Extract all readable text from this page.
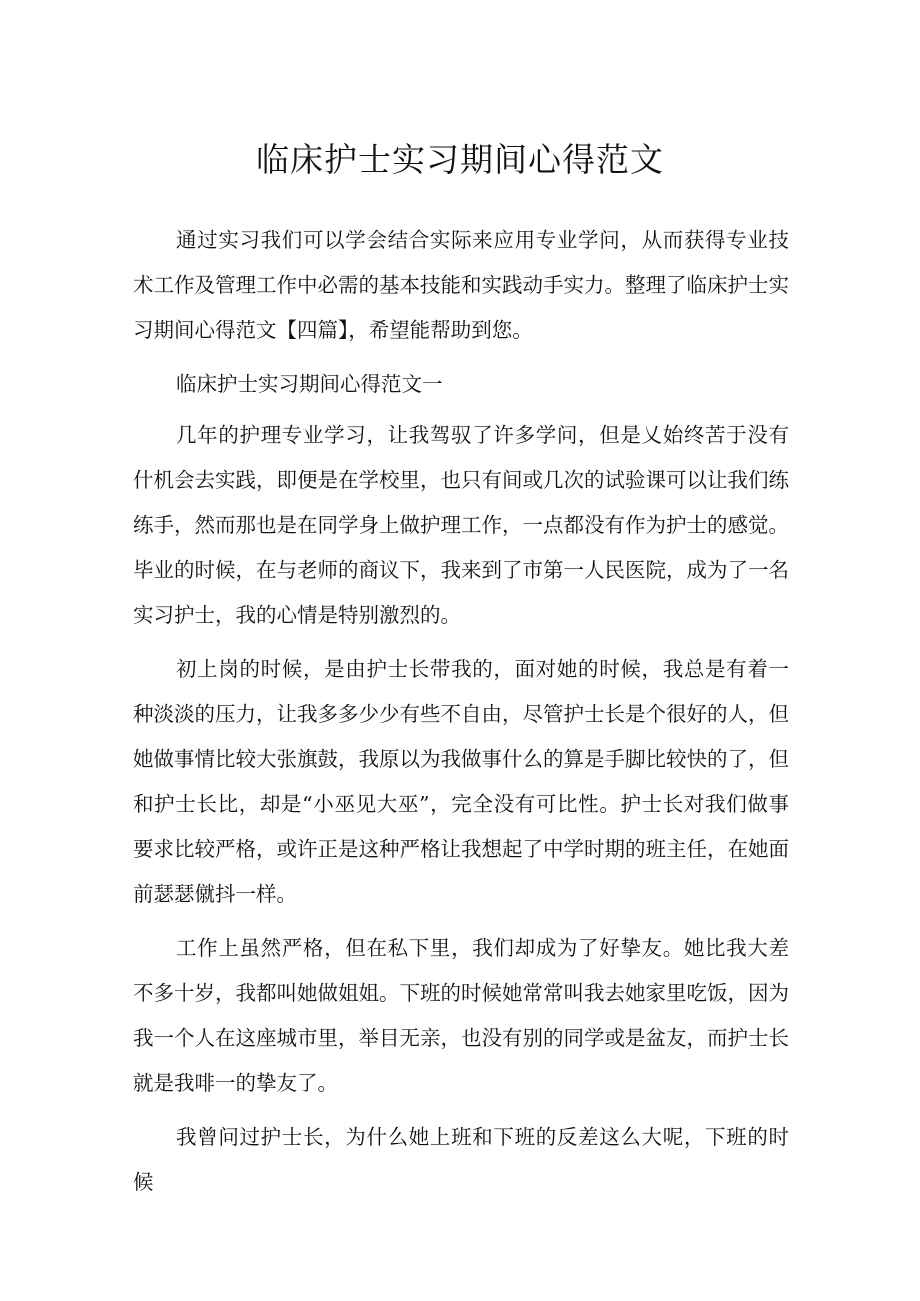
临床护士实习期间心得范文

通过实习我们可以学会结合实际来应用专业学问，从而获得专业技术工作及管理工作中必需的基本技能和实践动手实力。整理了临床护士实习期间心得范文【四篇】，希望能帮助到您。

临床护士实习期间心得范文一

几年的护理专业学习，让我驾驭了许多学问，但是乂始终苦于没有什机会去实践，即便是在学校里，也只有间或几次的试验课可以让我们练练手，然而那也是在同学身上做护理工作，一点都没有作为护士的感觉。毕业的时候，在与老师的商议下，我来到了市第一人民医院，成为了一名实习护士，我的心情是特别激烈的。

初上岗的时候，是由护士长带我的，面对她的时候，我总是有着一种淡淡的压力，让我多多少少有些不自由，尽管护士长是个很好的人，但她做事情比较大张旗鼓，我原以为我做事什么的算是手脚比较快的了，但和护士长比，却是“小巫见大巫”，完全没有可比性。护士长对我们做事要求比较严格，或许正是这种严格让我想起了中学时期的班主任，在她面前瑟瑟僦抖一样。

工作上虽然严格，但在私下里，我们却成为了好挚友。她比我大差不多十岁，我都叫她做姐姐。下班的时候她常常叫我去她家里吃饭，因为我一个人在这座城市里，举目无亲，也没有别的同学或是盆友，而护士长就是我啡一的挚友了。

我曾问过护士长，为什么她上班和下班的反差这么大呢，下班的时候
